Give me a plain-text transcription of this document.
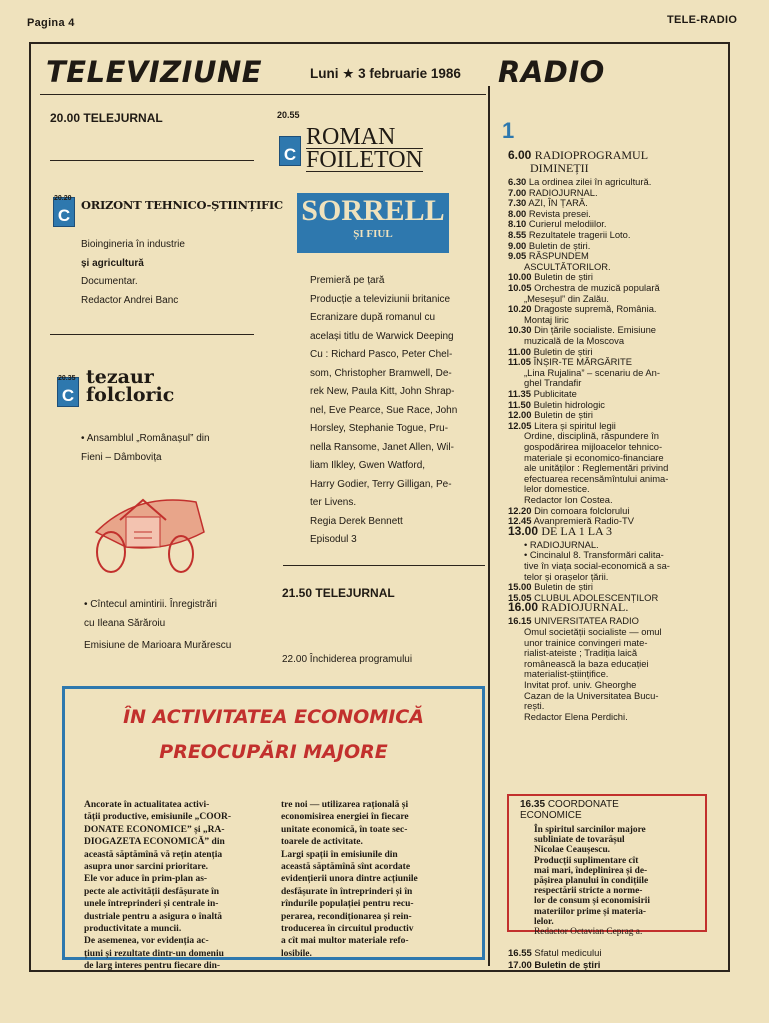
Pagina 4	TELE-RADIO
TELEVIZIUNE	Luni ★ 3 februarie 1986 RADIO
20.00 TELEJURNAL
20.20
C
ORIZONT TEHNICO-ȘTIINȚIFIC
Bioingineria în industrie
și agricultură
Documentar.
Redactor Andrei Banc
20.35
C
tezaur
folcloric
• Ansamblul „Românașul” din
Fieni – Dâmbovița
• Cîntecul amintirii. Înregistrări
cu Ileana Sărăroiu
Emisiune de Marioara Murărescu
20.55
C
ROMAN
FOILETON
SORRELL
ȘI FIUL
Premieră pe țară
Producție a televiziunii britanice
Ecranizare după romanul cu
același titlu de Warwick Deeping
Cu : Richard Pasco, Peter Chel-
som, Christopher Bramwell, De-
rek New, Paula Kitt, John Shrap-
nel, Eve Pearce, Sue Race, John
Horsley, Stephanie Togue, Pru-
nella Ransome, Janet Allen, Wil-
liam Ilkley, Gwen Watford,
Harry Godier, Terry Gilligan, Pe-
ter Livens.
Regia Derek Bennett
Episodul 3
21.50 TELEJURNAL
22.00 Închiderea programului
ÎN ACTIVITATEA ECONOMICĂ
PREOCUPĂRI MAJORE
Ancorate în actualitatea activi-
tății productive, emisiunile „COOR-
DONATE ECONOMICE” și „RA-
DIOGAZETA ECONOMICĂ” din
această săptămînă vă rețin atenția
asupra unor sarcini prioritare.
Ele vor aduce în prim-plan as-
pecte ale activității desfășurate în
unele întreprinderi și centrale in-
dustriale pentru a asigura o înaltă
productivitate a muncii.
De asemenea, vor evidenția ac-
țiuni și rezultate dintr-un domeniu
de larg interes pentru fiecare din-
tre noi — utilizarea rațională și
economisirea energiei în fiecare
unitate economică, în toate sec-
toarele de activitate.
Largi spații în emisiunile din
această săptămînă sînt acordate
evidențierii unora dintre acțiunile
desfășurate în întreprinderi și în
rîndurile populației pentru recu-
perarea, recondiționarea și rein-
troducerea în circuitul productiv
a cît mai multor materiale refo-
losibile.
1
6.00 RADIOPROGRAMUL
DIMINEȚII
6.30 La ordinea zilei în agricultură.
7.00 RADIOJURNAL.
7.30 AZI, ÎN ȚARĂ.
8.00 Revista presei.
8.10 Curierul melodiilor.
8.55 Rezultatele tragerii Loto.
9.00 Buletin de știri.
9.05 RĂSPUNDEM
ASCULTĂTORILOR.
10.00 Buletin de știri
10.05 Orchestra de muzică populară
„Meseșul” din Zalău.
10.20 Dragoste supremă, România.
Montaj liric
10.30 Din țările socialiste. Emisiune
muzicală de la Moscova
11.00 Buletin de știri
11.05 ÎNȘIR-TE MĂRGĂRITE
„Lina Rujalina” – scenariu de An-
ghel Trandafir
11.35 Publicitate
11.50 Buletin hidrologic
12.00 Buletin de știri
12.05 Litera și spiritul legii
Ordine, disciplină, răspundere în
gospodărirea mijloacelor tehnico-
materiale și economico-financiare
ale unităților : Reglementări privind
efectuarea recensămîntului anima-
lelor domestice.
Redactor Ion Costea.
12.20 Din comoara folclorului
12.45 Avanpremieră Radio-TV
13.00 DE LA 1 LA 3
• RADIOJURNAL.
• Cincinalul 8. Transformări calita-
tive în viața social-economică a sa-
telor și orașelor țării.
15.00 Buletin de știri
15.05 CLUBUL ADOLESCENȚILOR
16.00 RADIOJURNAL.
16.15 UNIVERSITATEA RADIO
Omul societății socialiste — omul
unor trainice convingeri mate-
rialist-ateiste ; Tradiția laică
românească la baza educației
materialist-științifice.
Invitat prof. univ. Gheorghe
Cazan de la Universitatea Bucu-
rești.
Redactor Elena Perdichi.
16.35 COORDONATE
ECONOMICE
În spiritul sarcinilor majore
subliniate de tovarășul
Nicolae Ceaușescu.
Producții suplimentare cît
mai mari, îndeplinirea și de-
pășirea planului în condițiile
respectării stricte a norme-
lor de consum și economisirii
materiilor prime și materia-
lelor.
Redactor Octavian Ceprag a.
16.55 Sfatul medicului
17.00 Buletin de știri
